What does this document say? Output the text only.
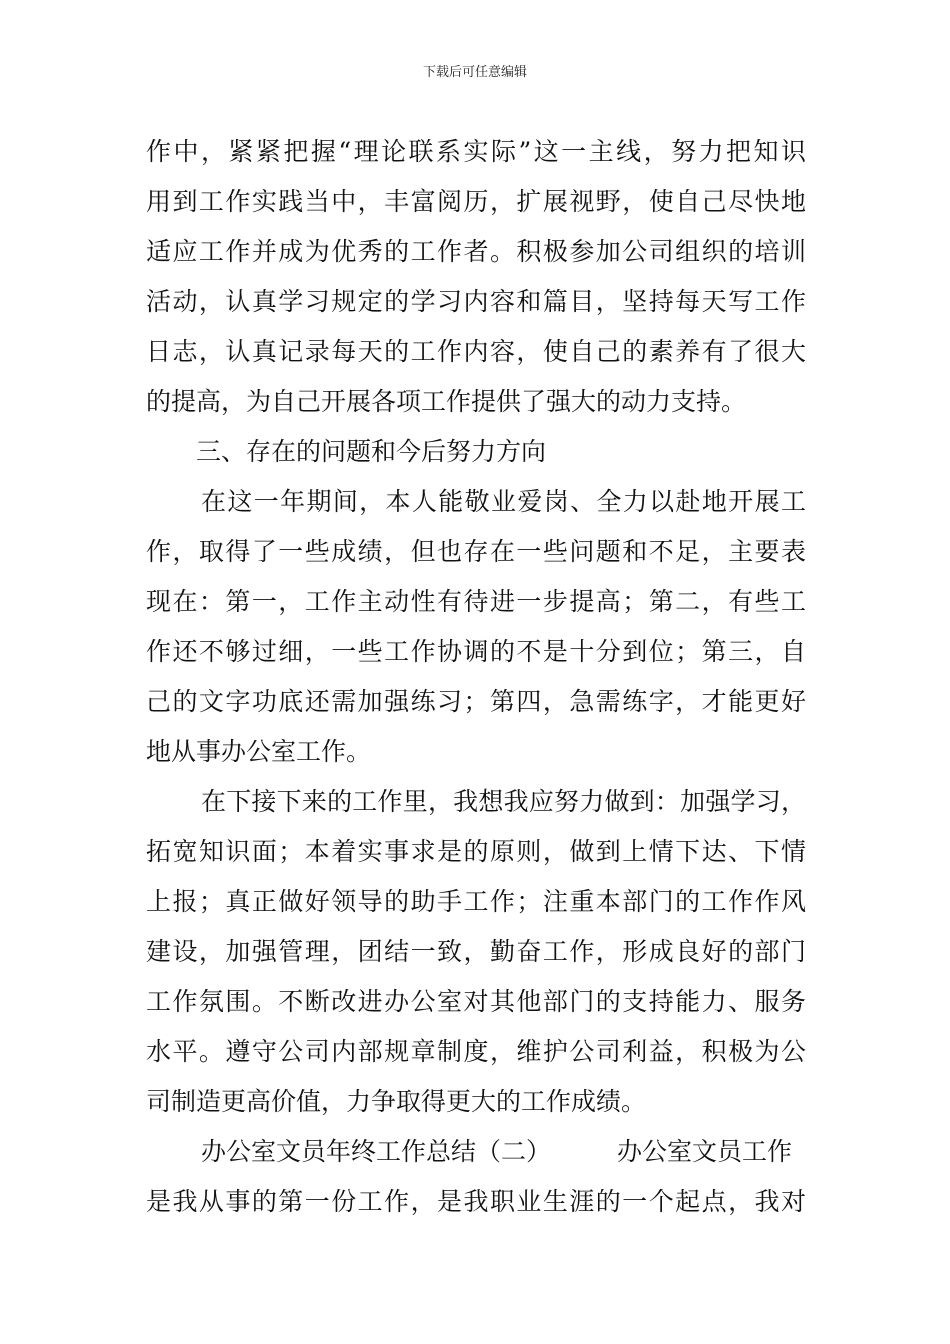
下载后可任意编辑
作中，紧紧把握“理论联系实际”这一主线，努力把知识
用到工作实践当中，丰富阅历，扩展视野，使自己尽快地
适应工作并成为优秀的工作者。积极参加公司组织的培训
活动，认真学习规定的学习内容和篇目，坚持每天写工作
日志，认真记录每天的工作内容，使自己的素养有了很大
的提高，为自己开展各项工作提供了强大的动力支持。
三、存在的问题和今后努力方向
在这一年期间，本人能敬业爱岗、全力以赴地开展工
作，取得了一些成绩，但也存在一些问题和不足，主要表
现在：第一，工作主动性有待进一步提高；第二，有些工
作还不够过细，一些工作协调的不是十分到位；第三，自
己的文字功底还需加强练习；第四，急需练字，才能更好
地从事办公室工作。
在下接下来的工作里，我想我应努力做到：加强学习，
拓宽知识面；本着实事求是的原则，做到上情下达、下情
上报；真正做好领导的助手工作；注重本部门的工作作风
建设，加强管理，团结一致，勤奋工作，形成良好的部门
工作氛围。不断改进办公室对其他部门的支持能力、服务
水平。遵守公司内部规章制度，维护公司利益，积极为公
司制造更高价值，力争取得更大的工作成绩。
办公室文员年终工作总结（二）	办公室文员工作
是我从事的第一份工作，是我职业生涯的一个起点，我对
